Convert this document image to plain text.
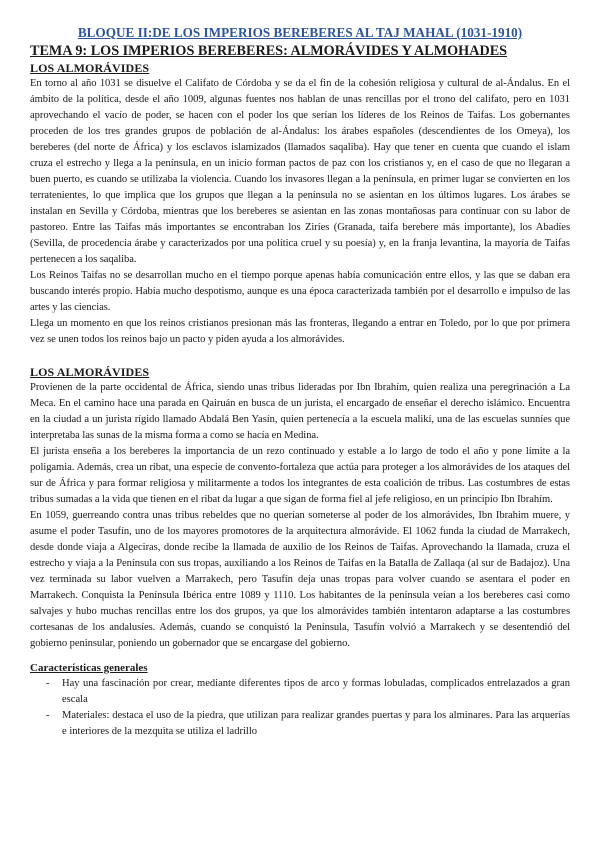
BLOQUE II:DE LOS IMPERIOS BEREBERES AL TAJ MAHAL (1031-1910)

TEMA 9: LOS IMPERIOS BEREBERES: ALMORÁVIDES Y ALMOHADES

LOS ALMORÁVIDES

En torno al año 1031 se disuelve el Califato de Córdoba y se da el fin de la cohesión religiosa y cultural de al-Ándalus. En el ámbito de la política, desde el año 1009, algunas fuentes nos hablan de unas rencillas por el trono del califato, pero en 1031 aprovechando el vacío de poder, se hacen con el poder los que serían los líderes de los Reinos de Taifas. Los gobernantes proceden de los tres grandes grupos de población de al-Ándalus: los árabes españoles (descendientes de los Omeya), los bereberes (del norte de África) y los esclavos islamizados (llamados saqaliba). Hay que tener en cuenta que cuando el islam cruza el estrecho y llega a la península, en un inicio forman pactos de paz con los cristianos y, en el caso de que no llegaran a buen puerto, es cuando se utilizaba la violencia. Cuando los invasores llegan a la península, en primer lugar se convierten en los terratenientes, lo que implica que los grupos que llegan a la península no se asientan en los últimos lugares. Los árabes se instalan en Sevilla y Córdoba, mientras que los bereberes se asientan en las zonas montañosas para continuar con su labor de pastoreo. Entre las Taifas más importantes se encontraban los Ziríes (Granada, taifa berebere más importante), los Abadíes (Sevilla, de procedencia árabe y caracterizados por una política cruel y su poesía) y, en la franja levantina, la mayoría de Taifas pertenecen a los saqaliba.

Los Reinos Taifas no se desarrollan mucho en el tiempo porque apenas había comunicación entre ellos, y las que se daban era buscando interés propio. Había mucho despotismo, aunque es una época caracterizada también por el desarrollo e impulso de las artes y las ciencias.

Llega un momento en que los reinos cristianos presionan más las fronteras, llegando a entrar en Toledo, por lo que por primera vez se unen todos los reinos bajo un pacto y piden ayuda a los almorávides.

LOS ALMORÁVIDES

Provienen de la parte occidental de África, siendo unas tribus lideradas por Ibn Ibrahím, quien realiza una peregrinación a La Meca. En el camino hace una parada en Qairuán en busca de un jurista, el encargado de enseñar el derecho islámico. Encuentra en la ciudad a un jurista rígido llamado Abdalá Ben Yasín, quien pertenecía a la escuela malikí, una de las escuelas sunníes que interpretaba las sunas de la misma forma a como se hacía en Medina.

El jurista enseña a los bereberes la importancia de un rezo continuado y estable a lo largo de todo el año y pone límite a la poligamia. Además, crea un ribat, una especie de convento-fortaleza que actúa para proteger a los almorávides de los ataques del sur de África y para formar religiosa y militarmente a todos los integrantes de esta coalición de tribus. Las costumbres de estas tribus sumadas a la vida que tienen en el ribat da lugar a que sigan de forma fiel al jefe religioso, en un principio Ibn Ibrahím.

En 1059, guerreando contra unas tribus rebeldes que no querían someterse al poder de los almorávides, Ibn Ibrahim muere, y asume el poder Tasufín, uno de los mayores promotores de la arquitectura almorávide. El 1062 funda la ciudad de Marrakech, desde donde viaja a Algeciras, donde recibe la llamada de auxilio de los Reinos de Taifas. Aprovechando la llamada, cruza el estrecho y viaja a la Península con sus tropas, auxiliando a los Reinos de Taifas en la Batalla de Zallaqa (al sur de Badajoz). Una vez terminada su labor vuelven a Marrakech, pero Tasufín deja unas tropas para volver cuando se asentara el poder en Marrakech. Conquista la Península Ibérica entre 1089 y 1110. Los habitantes de la península veían a los bereberes casi como salvajes y hubo muchas rencillas entre los dos grupos, ya que los almorávides también intentaron adaptarse a las costumbres cortesanas de los andalusíes. Además, cuando se conquistó la Península, Tasufín volvió a Marrakech y se desentendió del gobierno peninsular, poniendo un gobernador que se encargase del gobierno.

Características generales

- Hay una fascinación por crear, mediante diferentes tipos de arco y formas lobuladas, complicados entrelazados a gran escala
- Materiales: destaca el uso de la piedra, que utilizan para realizar grandes puertas y para los alminares. Para las arquerías e interiores de la mezquita se utiliza el ladrillo
